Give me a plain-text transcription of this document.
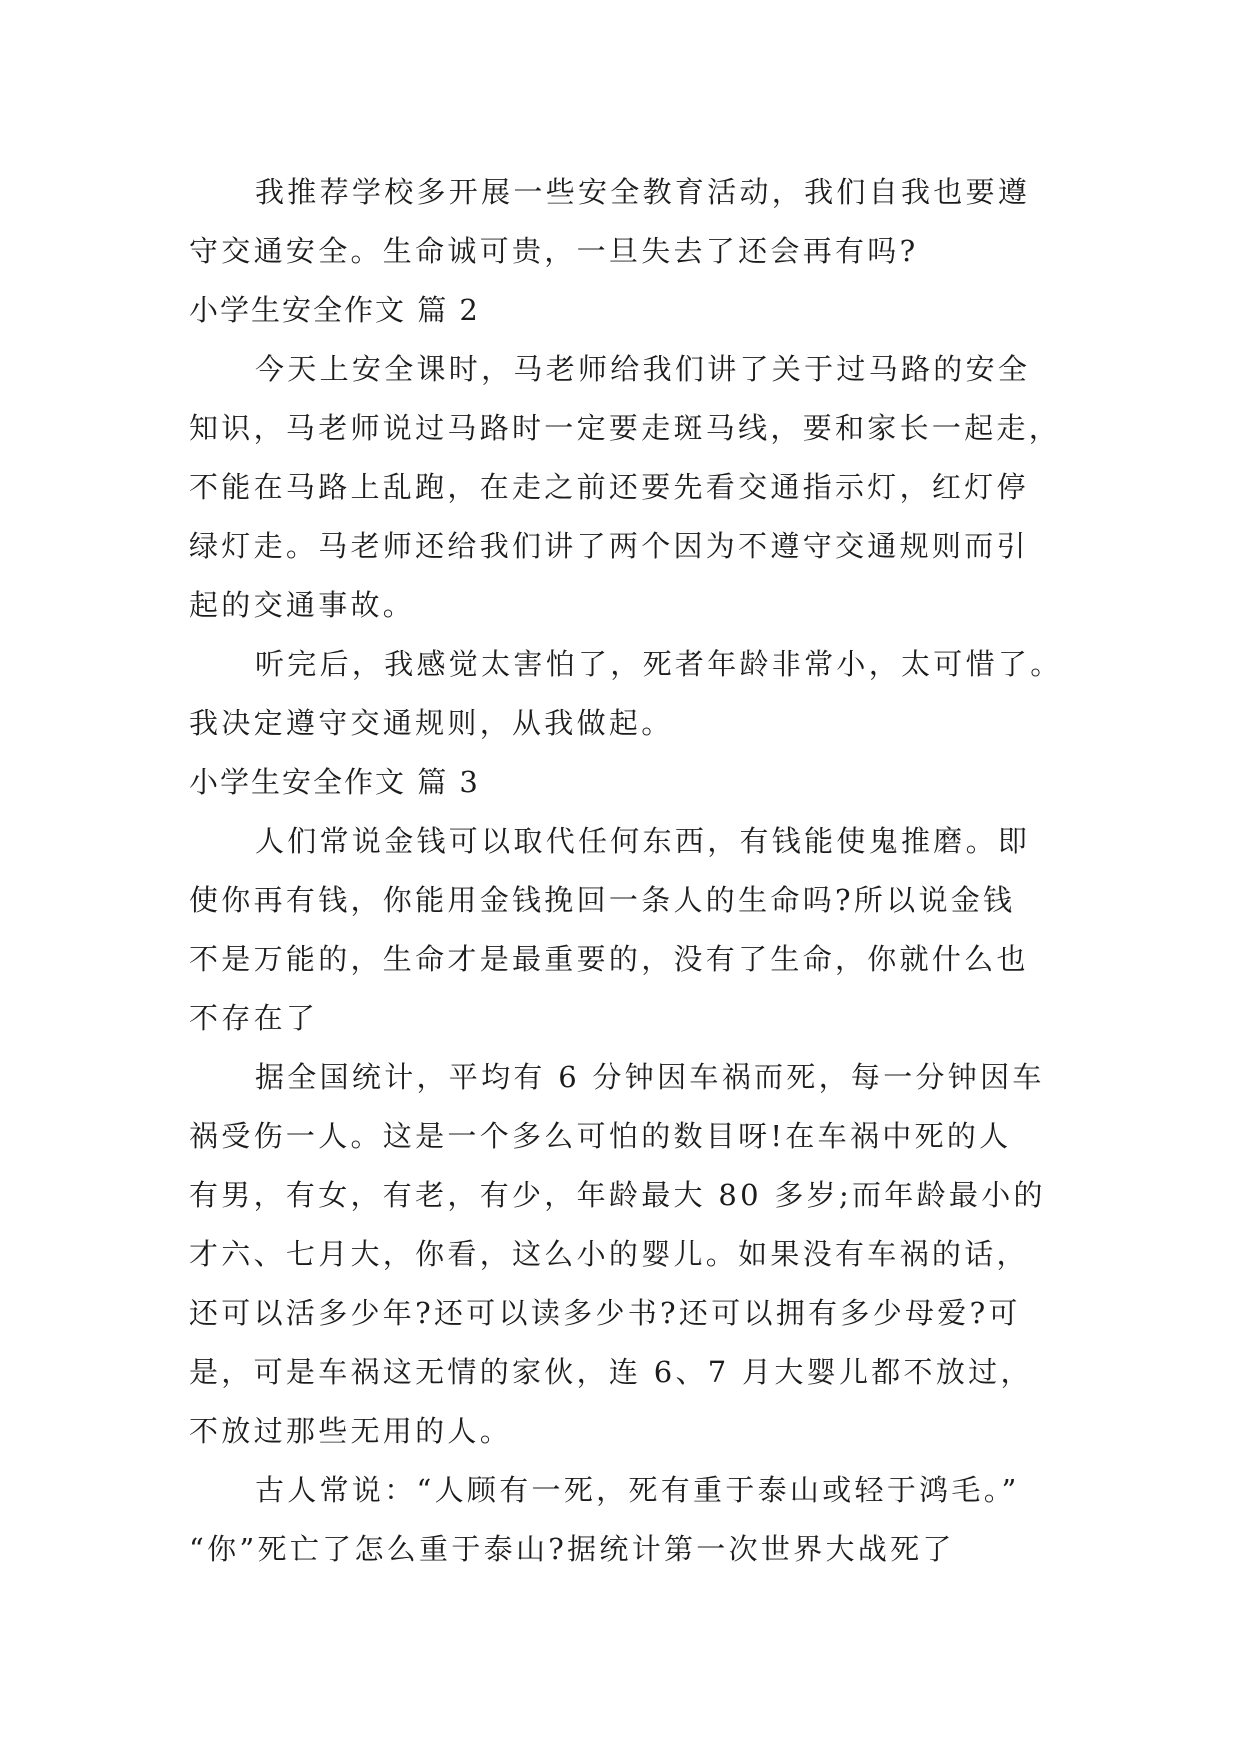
我推荐学校多开展一些安全教育活动，我们自我也要遵
守交通安全。生命诚可贵，一旦失去了还会再有吗?
小学生安全作文 篇 2
今天上安全课时，马老师给我们讲了关于过马路的安全
知识，马老师说过马路时一定要走斑马线，要和家长一起走，
不能在马路上乱跑，在走之前还要先看交通指示灯，红灯停
绿灯走。马老师还给我们讲了两个因为不遵守交通规则而引
起的交通事故。
听完后，我感觉太害怕了，死者年龄非常小，太可惜了。
我决定遵守交通规则，从我做起。
小学生安全作文 篇 3
人们常说金钱可以取代任何东西，有钱能使鬼推磨。即
使你再有钱，你能用金钱挽回一条人的生命吗?所以说金钱
不是万能的，生命才是最重要的，没有了生命，你就什么也
不存在了
据全国统计，平均有 6 分钟因车祸而死，每一分钟因车
祸受伤一人。这是一个多么可怕的数目呀!在车祸中死的人
有男，有女，有老，有少，年龄最大 80 多岁;而年龄最小的
才六、七月大，你看，这么小的婴儿。如果没有车祸的话，
还可以活多少年?还可以读多少书?还可以拥有多少母爱?可
是，可是车祸这无情的家伙，连 6、7 月大婴儿都不放过，
不放过那些无用的人。
古人常说：“人顾有一死，死有重于泰山或轻于鸿毛。”
“你”死亡了怎么重于泰山?据统计第一次世界大战死了
